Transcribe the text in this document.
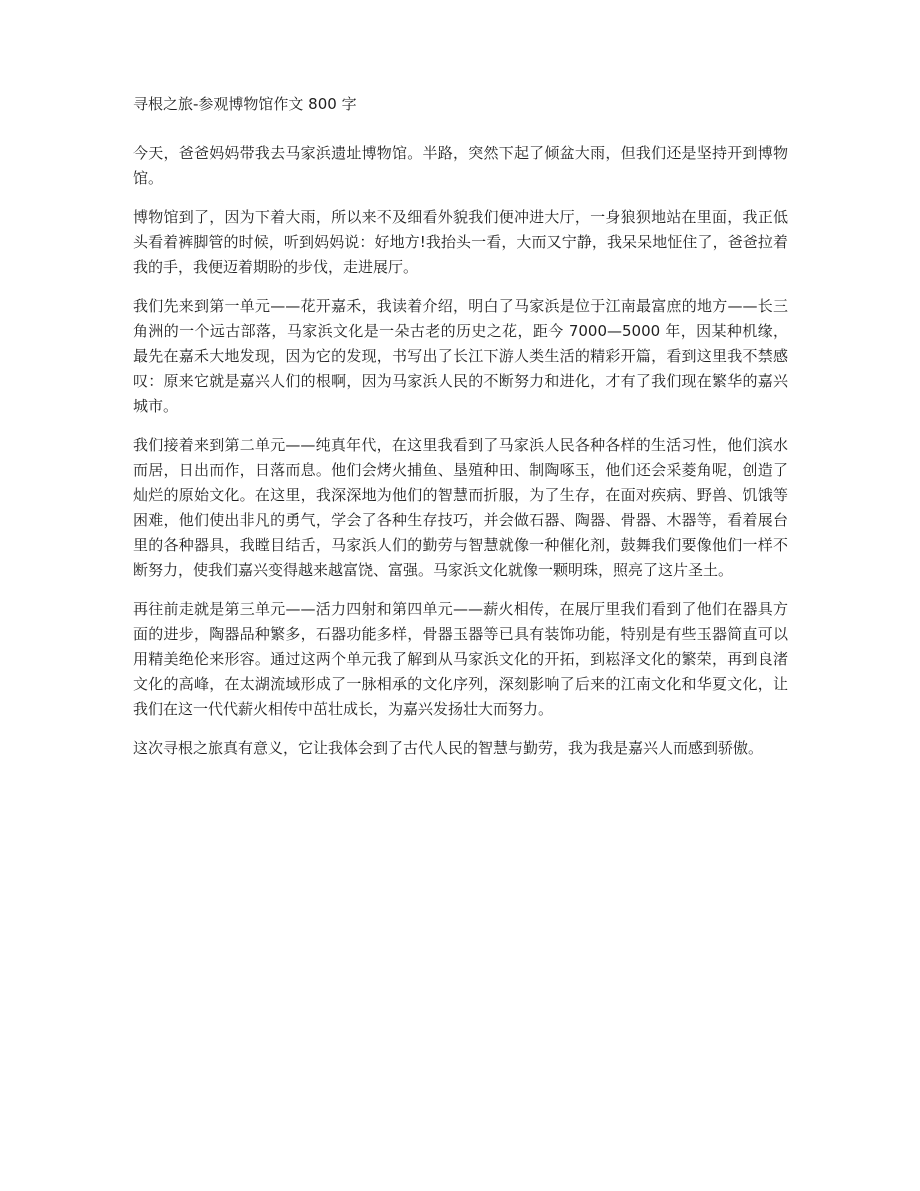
寻根之旅-参观博物馆作文 800 字

今天，爸爸妈妈带我去马家浜遗址博物馆。半路，突然下起了倾盆大雨，但我们还是坚持开到博物馆。

博物馆到了，因为下着大雨，所以来不及细看外貌我们便冲进大厅，一身狼狈地站在里面，我正低头看着裤脚管的时候，听到妈妈说：好地方!我抬头一看，大而又宁静，我呆呆地怔住了，爸爸拉着我的手，我便迈着期盼的步伐，走进展厅。

我们先来到第一单元——花开嘉禾，我读着介绍，明白了马家浜是位于江南最富庶的地方——长三角洲的一个远古部落，马家浜文化是一朵古老的历史之花，距今 7000—5000 年，因某种机缘，最先在嘉禾大地发现，因为它的发现，书写出了长江下游人类生活的精彩开篇，看到这里我不禁感叹：原来它就是嘉兴人们的根啊，因为马家浜人民的不断努力和进化，才有了我们现在繁华的嘉兴城市。

我们接着来到第二单元——纯真年代，在这里我看到了马家浜人民各种各样的生活习性，他们滨水而居，日出而作，日落而息。他们会烤火捕鱼、垦殖种田、制陶啄玉，他们还会采菱角呢，创造了灿烂的原始文化。在这里，我深深地为他们的智慧而折服，为了生存，在面对疾病、野兽、饥饿等困难，他们使出非凡的勇气，学会了各种生存技巧，并会做石器、陶器、骨器、木器等，看着展台里的各种器具，我瞠目结舌，马家浜人们的勤劳与智慧就像一种催化剂，鼓舞我们要像他们一样不断努力，使我们嘉兴变得越来越富饶、富强。马家浜文化就像一颗明珠，照亮了这片圣土。

再往前走就是第三单元——活力四射和第四单元——薪火相传，在展厅里我们看到了他们在器具方面的进步，陶器品种繁多，石器功能多样，骨器玉器等已具有装饰功能，特别是有些玉器简直可以用精美绝伦来形容。通过这两个单元我了解到从马家浜文化的开拓，到崧泽文化的繁荣，再到良渚文化的高峰，在太湖流域形成了一脉相承的文化序列，深刻影响了后来的江南文化和华夏文化，让我们在这一代代薪火相传中茁壮成长，为嘉兴发扬壮大而努力。

这次寻根之旅真有意义，它让我体会到了古代人民的智慧与勤劳，我为我是嘉兴人而感到骄傲。
